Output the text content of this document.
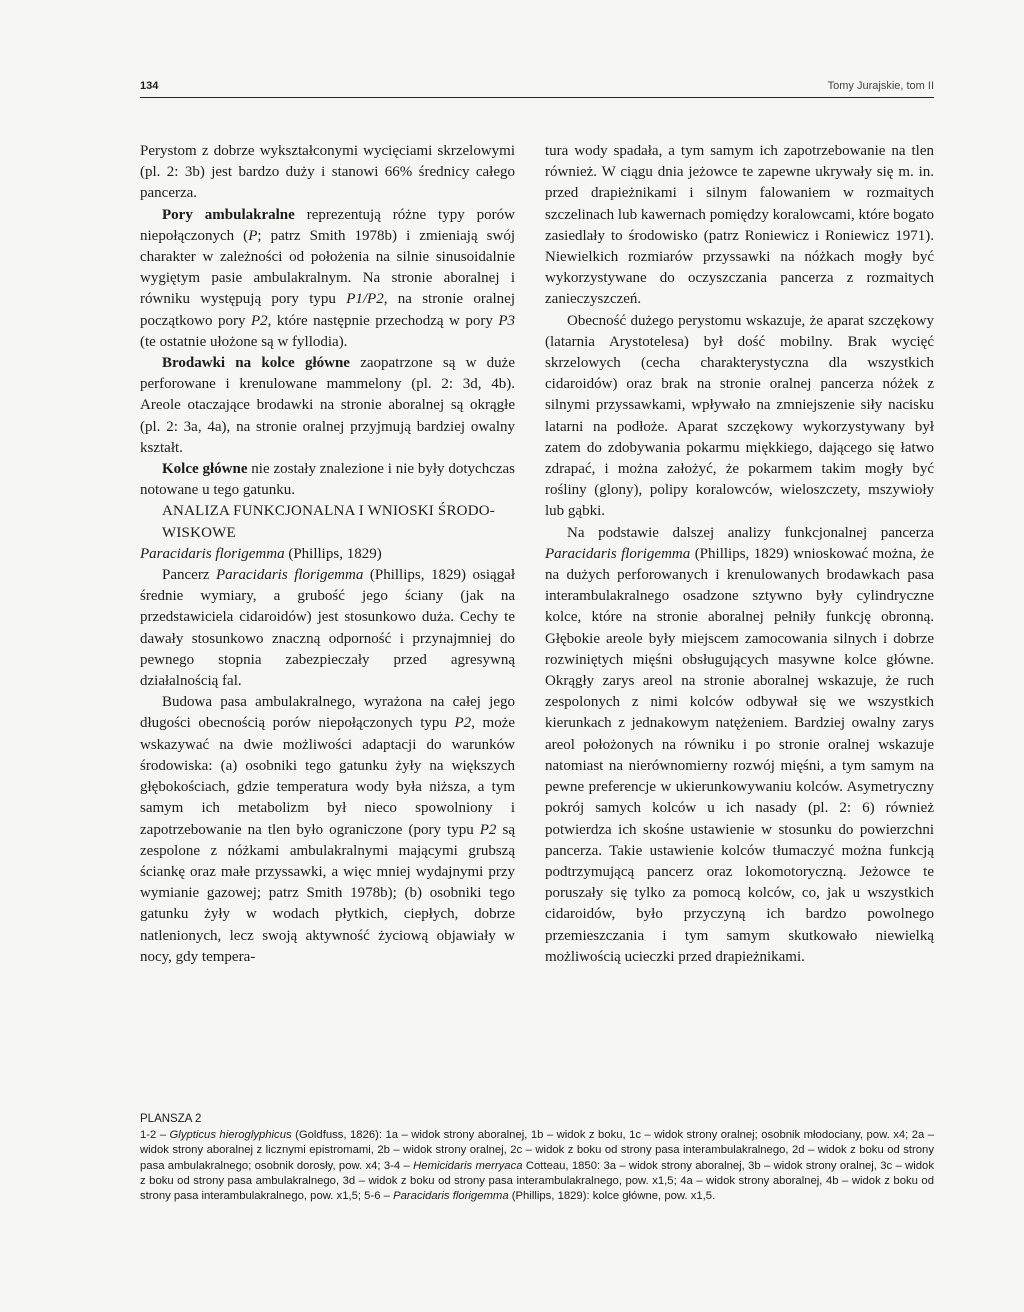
134	Tomy Jurajskie, tom II

Perystom z dobrze wykształconymi wycięciami skrzelowymi (pl. 2: 3b) jest bardzo duży i stanowi 66% średnicy całego pancerza.

Pory ambulakralne reprezentują różne typy porów niepołączonych (P; patrz Smith 1978b) i zmieniają swój charakter w zależności od położenia na silnie sinusoidalnie wygiętym pasie ambulakralnym. Na stronie aboralnej i równiku występują pory typu P1/P2, na stronie oralnej początkowo pory P2, które następnie przechodzą w pory P3 (te ostatnie ułożone są w fyllodia).

Brodawki na kolce główne zaopatrzone są w duże perforowane i krenulowane mammelony (pl. 2: 3d, 4b). Areole otaczające brodawki na stronie aboralnej są okrągłe (pl. 2: 3a, 4a), na stronie oralnej przyjmują bardziej owalny kształt.

Kolce główne nie zostały znalezione i nie były dotychczas notowane u tego gatunku.

ANALIZA FUNKCJONALNA I WNIOSKI ŚRODO-
WISKOWE

Paracidaris florigemma (Phillips, 1829)

Pancerz Paracidaris florigemma (Phillips, 1829) osiągał średnie wymiary, a grubość jego ściany (jak na przedstawiciela cidaroidów) jest stosunkowo duża. Cechy te dawały stosunkowo znaczną odporność i przynajmniej do pewnego stopnia zabezpieczały przed agresywną działalnością fal.

Budowa pasa ambulakralnego, wyrażona na całej jego długości obecnością porów niepołączonych typu P2, może wskazywać na dwie możliwości adaptacji do warunków środowiska: (a) osobniki tego gatunku żyły na większych głębokościach, gdzie temperatura wody była niższa, a tym samym ich metabolizm był nieco spowolniony i zapotrzebowanie na tlen było ograniczone (pory typu P2 są zespolone z nóżkami ambulakralnymi mającymi grubszą ściankę oraz małe przyssawki, a więc mniej wydajnymi przy wymianie gazowej; patrz Smith 1978b); (b) osobniki tego gatunku żyły w wodach płytkich, ciepłych, dobrze natlenionych, lecz swoją aktywność życiową objawiały w nocy, gdy tempera-

tura wody spadała, a tym samym ich zapotrzebowanie na tlen również. W ciągu dnia jeżowce te zapewne ukrywały się m. in. przed drapieżnikami i silnym falowaniem w rozmaitych szczelinach lub kawernach pomiędzy koralowcami, które bogato zasiedlały to środowisko (patrz Roniewicz i Roniewicz 1971). Niewielkich rozmiarów przyssawki na nóżkach mogły być wykorzystywane do oczyszczania pancerza z rozmaitych zanieczyszczeń.

Obecność dużego perystomu wskazuje, że aparat szczękowy (latarnia Arystotelesa) był dość mobilny. Brak wycięć skrzelowych (cecha charakterystyczna dla wszystkich cidaroidów) oraz brak na stronie oralnej pancerza nóżek z silnymi przyssawkami, wpływało na zmniejszenie siły nacisku latarni na podłoże. Aparat szczękowy wykorzystywany był zatem do zdobywania pokarmu miękkiego, dającego się łatwo zdrapać, i można założyć, że pokarmem takim mogły być rośliny (glony), polipy koralowców, wieloszczety, mszywioły lub gąbki.

Na podstawie dalszej analizy funkcjonalnej pancerza Paracidaris florigemma (Phillips, 1829) wnioskować można, że na dużych perforowanych i krenulowanych brodawkach pasa interambulakralnego osadzone sztywno były cylindryczne kolce, które na stronie aboralnej pełniły funkcję obronną. Głębokie areole były miejscem zamocowania silnych i dobrze rozwiniętych mięśni obsługujących masywne kolce główne. Okrągły zarys areol na stronie aboralnej wskazuje, że ruch zespolonych z nimi kolców odbywał się we wszystkich kierunkach z jednakowym natężeniem. Bardziej owalny zarys areol położonych na równiku i po stronie oralnej wskazuje natomiast na nierównomierny rozwój mięśni, a tym samym na pewne preferencje w ukierunkowywaniu kolców. Asymetryczny pokrój samych kolców u ich nasady (pl. 2: 6) również potwierdza ich skośne ustawienie w stosunku do powierzchni pancerza. Takie ustawienie kolców tłumaczyć można funkcją podtrzymującą pancerz oraz lokomotoryczną. Jeżowce te poruszały się tylko za pomocą kolców, co, jak u wszystkich cidaroidów, było przyczyną ich bardzo powolnego przemieszczania i tym samym skutkowało niewielką możliwością ucieczki przed drapieżnikami.

PLANSZA 2

1-2 – Glypticus hieroglyphicus (Goldfuss, 1826): 1a – widok strony aboralnej, 1b – widok z boku, 1c – widok strony oralnej; osobnik młodociany, pow. x4; 2a – widok strony aboralnej z licznymi epistromami, 2b – widok strony oralnej, 2c – widok z boku od strony pasa interambulakralnego, 2d – widok z boku od strony pasa ambulakralnego; osobnik dorosły, pow. x4; 3-4 – Hemicidaris merryaca Cotteau, 1850: 3a – widok strony aboralnej, 3b – widok strony oralnej, 3c – widok z boku od strony pasa ambulakralnego, 3d – widok z boku od strony pasa interambulakralnego, pow. x1,5; 4a – widok strony aboralnej, 4b – widok z boku od strony pasa interambulakralnego, pow. x1,5; 5-6 – Paracidaris florigemma (Phillips, 1829): kolce główne, pow. x1,5.
